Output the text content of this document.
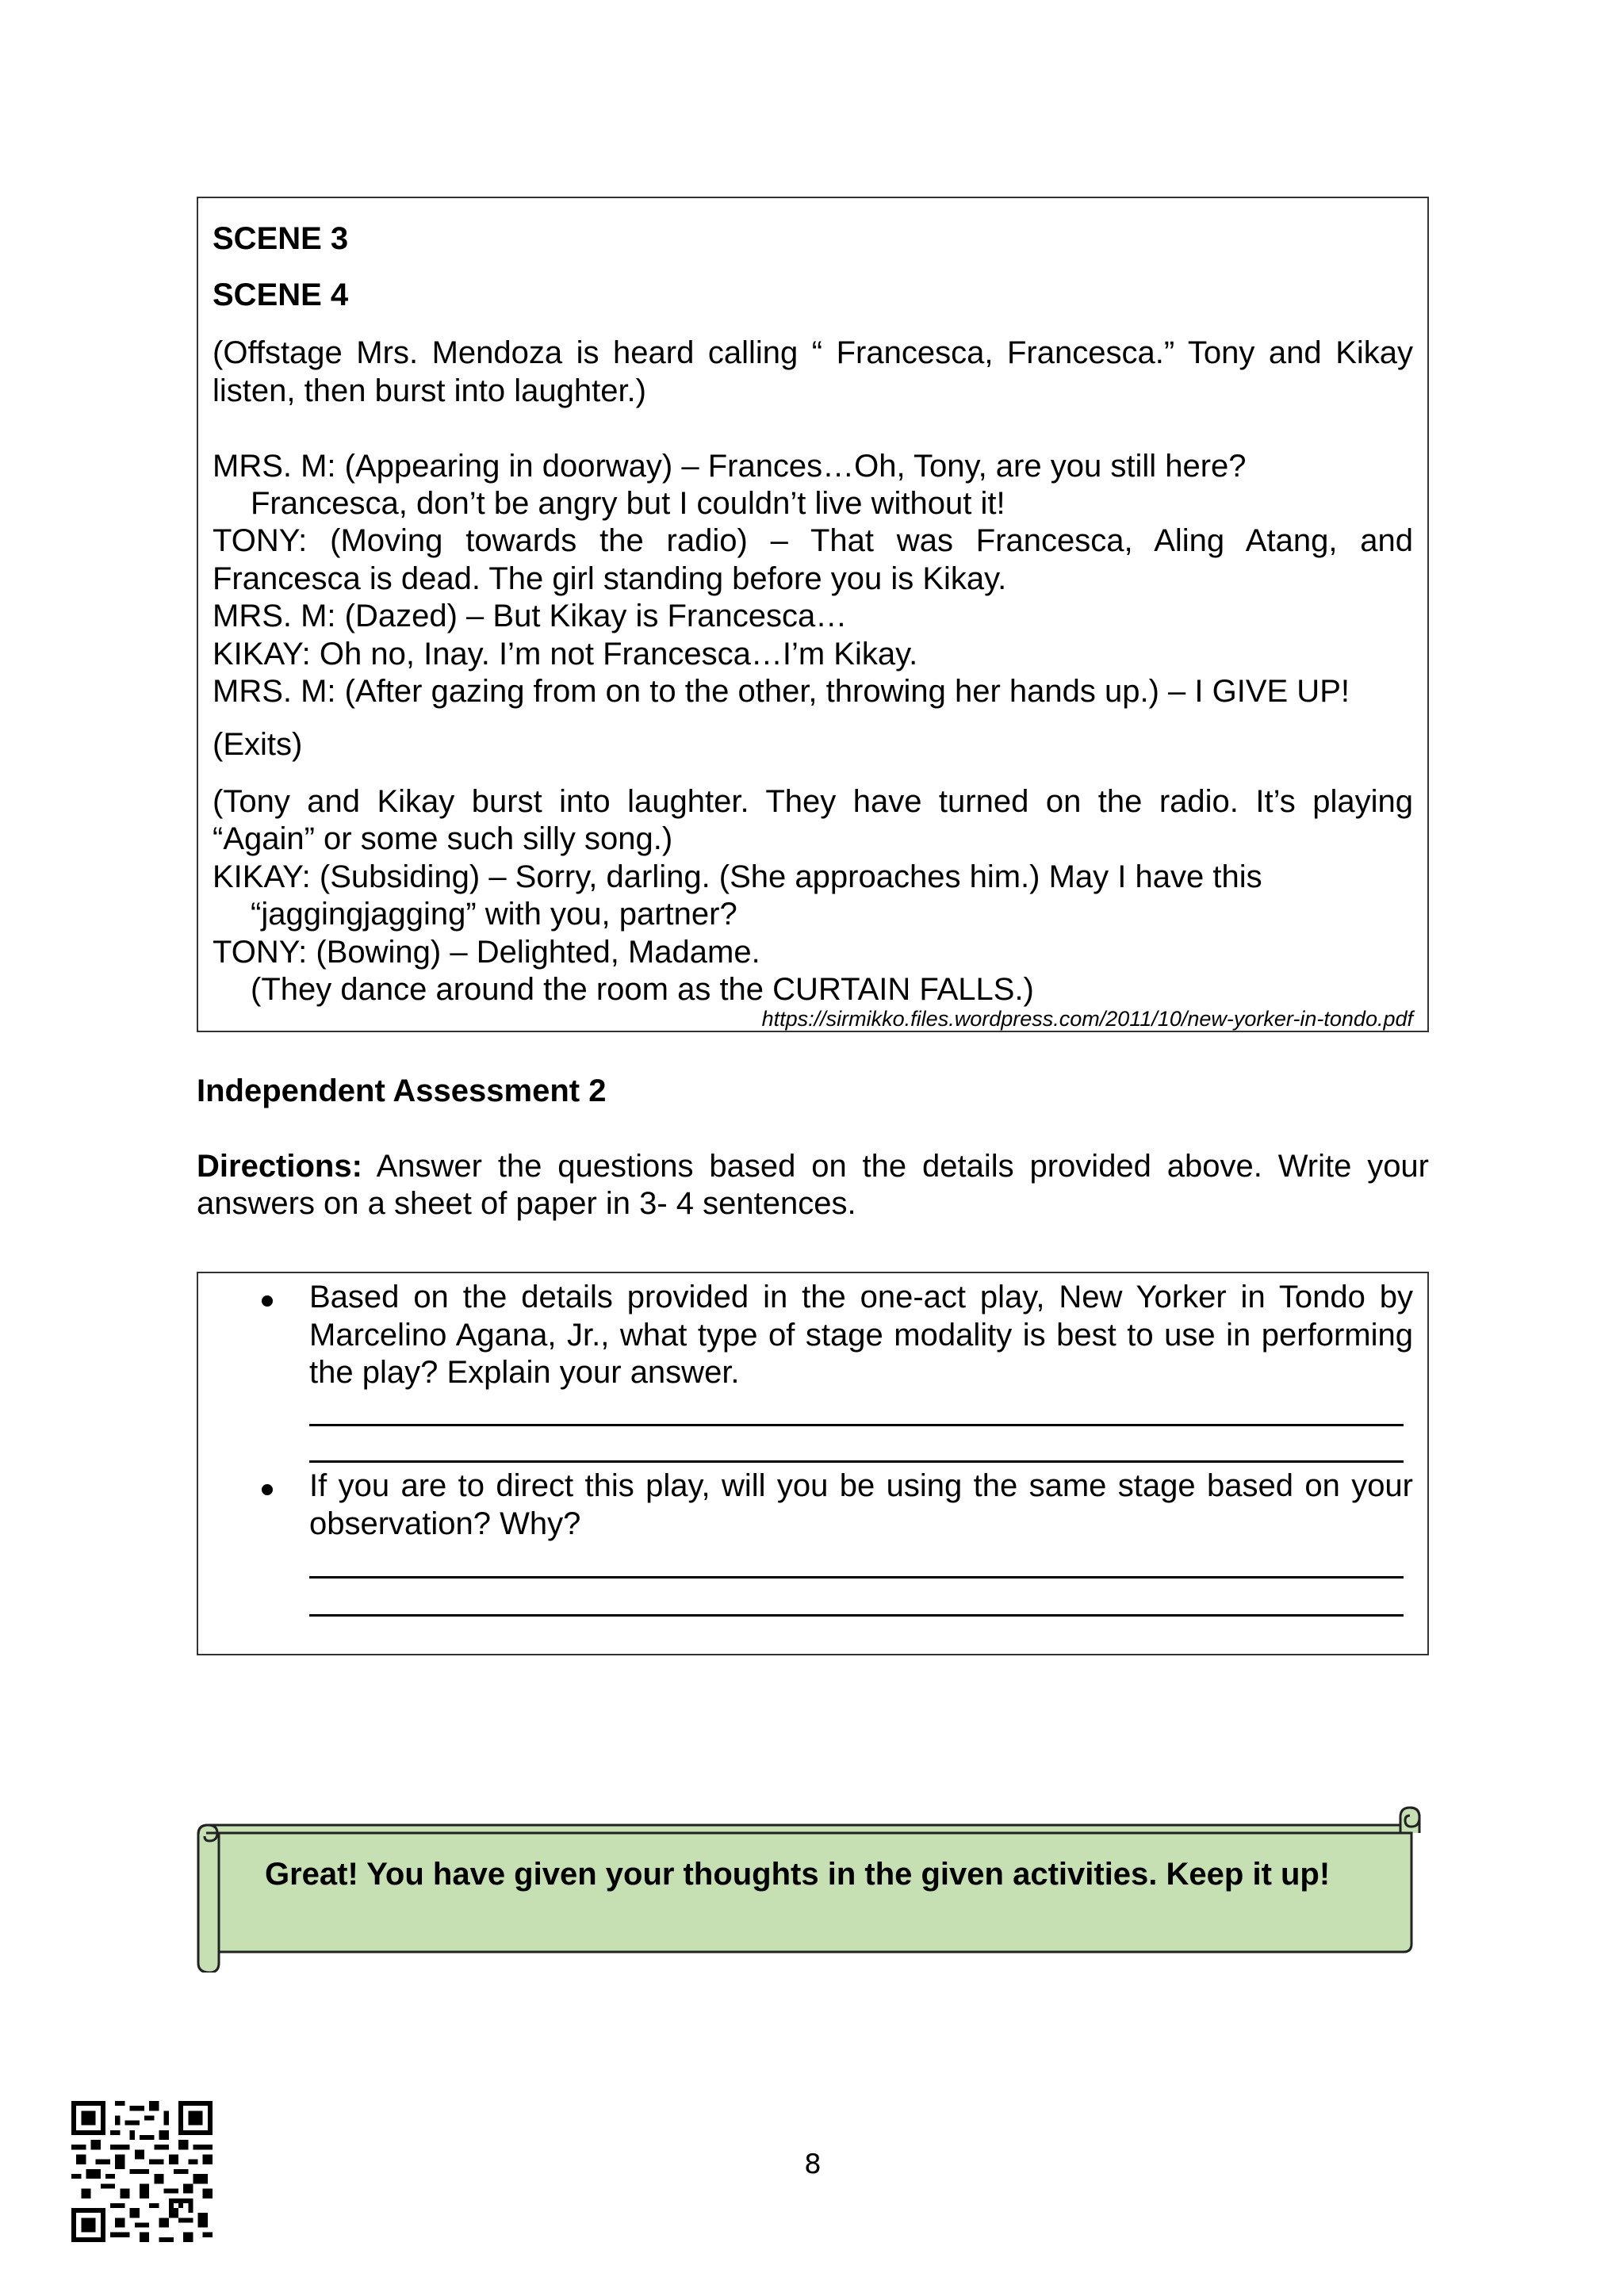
SCENE 3
SCENE 4
(Offstage Mrs. Mendoza is heard calling “ Francesca, Francesca.” Tony and Kikay
listen, then burst into laughter.)
MRS. M: (Appearing in doorway) – Frances…Oh, Tony, are you still here?
Francesca, don’t be angry but I couldn’t live without it!
TONY: (Moving towards the radio) – That was Francesca, Aling Atang, and
Francesca is dead. The girl standing before you is Kikay.
MRS. M: (Dazed) – But Kikay is Francesca…
KIKAY: Oh no, Inay. I’m not Francesca…I’m Kikay.
MRS. M: (After gazing from on to the other, throwing her hands up.) – I GIVE UP!
(Exits)
(Tony and Kikay burst into laughter. They have turned on the radio. It’s playing
“Again” or some such silly song.)
KIKAY: (Subsiding) – Sorry, darling. (She approaches him.) May I have this
“jaggingjagging” with you, partner?
TONY: (Bowing) – Delighted, Madame.
(They dance around the room as the CURTAIN FALLS.)
https://sirmikko.files.wordpress.com/2011/10/new-yorker-in-tondo.pdf
Independent Assessment 2
Directions: Answer the questions based on the details provided above. Write your
answers on a sheet of paper in 3- 4 sentences.
Based on the details provided in the one-act play, New Yorker in Tondo by
Marcelino Agana, Jr., what type of stage modality is best to use in performing
the play? Explain your answer.
If you are to direct this play, will you be using the same stage based on your
observation? Why?
Great! You have given your thoughts in the given activities. Keep it up!
8
